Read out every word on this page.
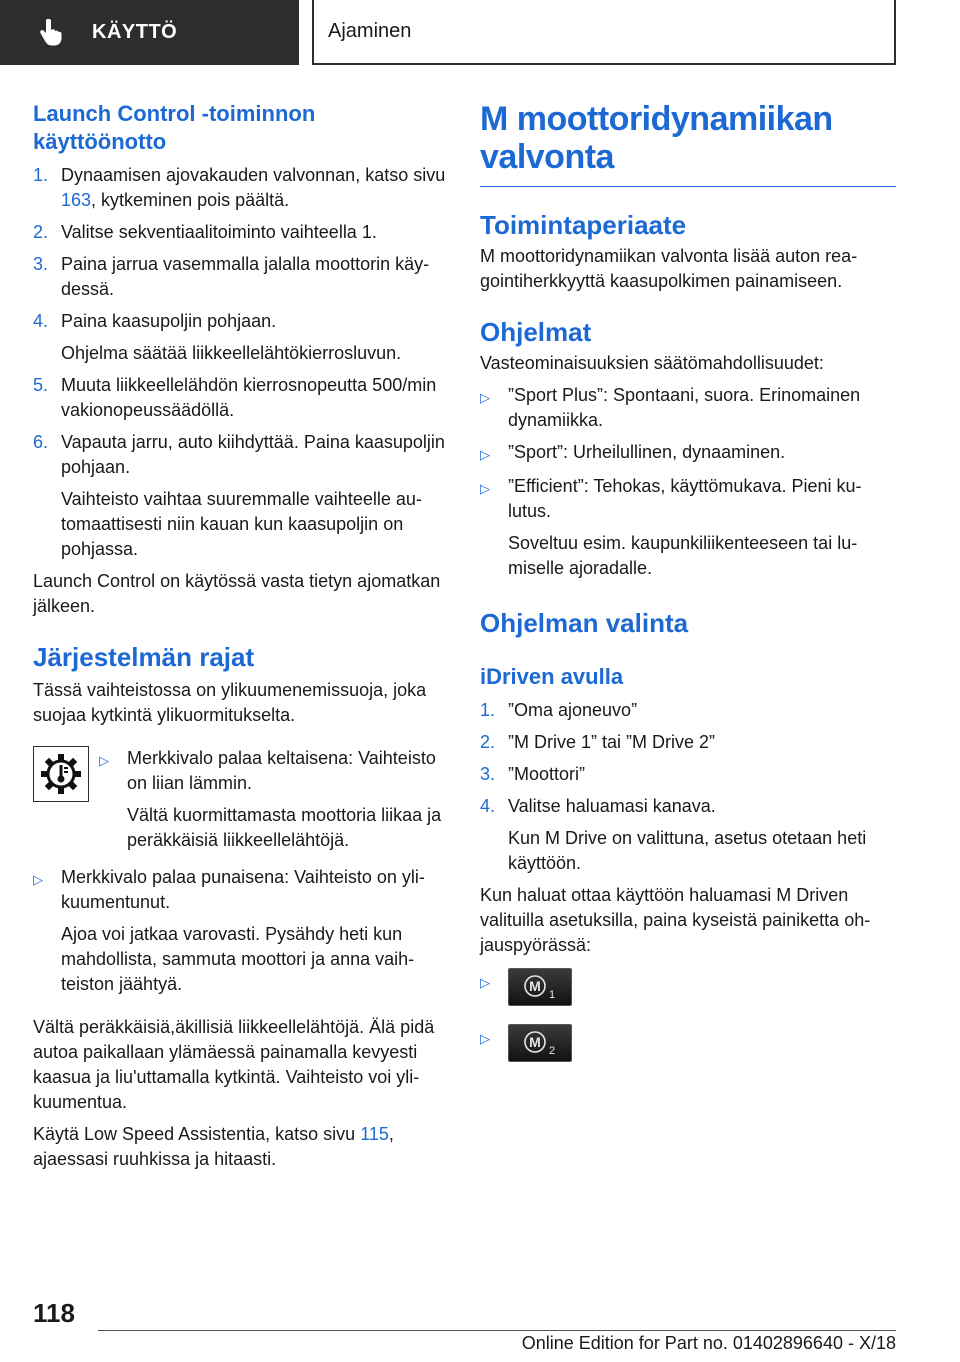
KÄYTTÖ	Ajaminen
Launch Control -toiminnon käyttöönotto
1. Dynaamisen ajovakauden valvonnan, katso sivu 163, kytkeminen pois päältä.
2. Valitse sekventiaalitoiminto vaihteella 1.
3. Paina jarrua vasemmalla jalalla moottorin käydessä.
4. Paina kaasupoljin pohjaan.
Ohjelma säätää liikkeellelähtökierrosluvun.
5. Muuta liikkeellelähdön kierrosnopeutta 500/min vakionopeussäädöllä.
6. Vapauta jarru, auto kiihdyttää. Paina kaasupoljin pohjaan.
Vaihteisto vaihtaa suuremmalle vaihteelle automaattisesti niin kauan kun kaasupoljin on pohjassa.

Launch Control on käytössä vasta tietyn ajomatkan jälkeen.

Järjestelmän rajat

Tässä vaihteistossa on ylikuumenemissuoja, joka suojaa kytkintä ylikuormitukselta.

▷	Merkkivalo palaa keltaisena: Vaihteisto on liian lämmin.
Vältä kuormittamasta moottoria liikaa ja peräkkäisiä liikkeellelähtöjä.
▷	Merkkivalo palaa punaisena: Vaihteisto on ylikuumentunut.
Ajoa voi jatkaa varovasti. Pysähdy heti kun mahdollista, sammuta moottori ja anna vaihteiston jäähtyä.

Vältä peräkkäisiä,äkillisiä liikkeellelähtöjä. Älä pidä autoa paikallaan ylämäessä painamalla kevyesti kaasua ja liu'uttamalla kytkintä. Vaihteisto voi ylikuumentua.

Käytä Low Speed Assistentia, katso sivu 115, ajaessasi ruuhkissa ja hitaasti.

M moottoridynamiikan valvonta
Toimintaperiaate

M moottoridynamiikan valvonta lisää auton reagointiherkkyyttä kaasupolkimen painamiseen.

Ohjelmat

Vasteominaisuuksien säätömahdollisuudet:

▷	”Sport Plus”: Spontaani, suora. Erinomainen dynamiikka.
▷	”Sport”: Urheilullinen, dynaaminen.
▷	”Efficient”: Tehokas, käyttömukava. Pieni kulutus.
Soveltuu esim. kaupunkiliikenteeseen tai lumiselle ajoradalle.
Ohjelman valinta
iDriven avulla
1. ”Oma ajoneuvo”
2. ”M Drive 1” tai ”M Drive 2”
3. ”Moottori”
4. Valitse haluamasi kanava.
Kun M Drive on valittuna, asetus otetaan heti käyttöön.

Kun haluat ottaa käyttöön haluamasi M Driven valituilla asetuksilla, paina kyseistä painiketta ohjauspyörässä:

▷	M
1
▷	M
2
118
Online Edition for Part no. 01402896640 - X/18
